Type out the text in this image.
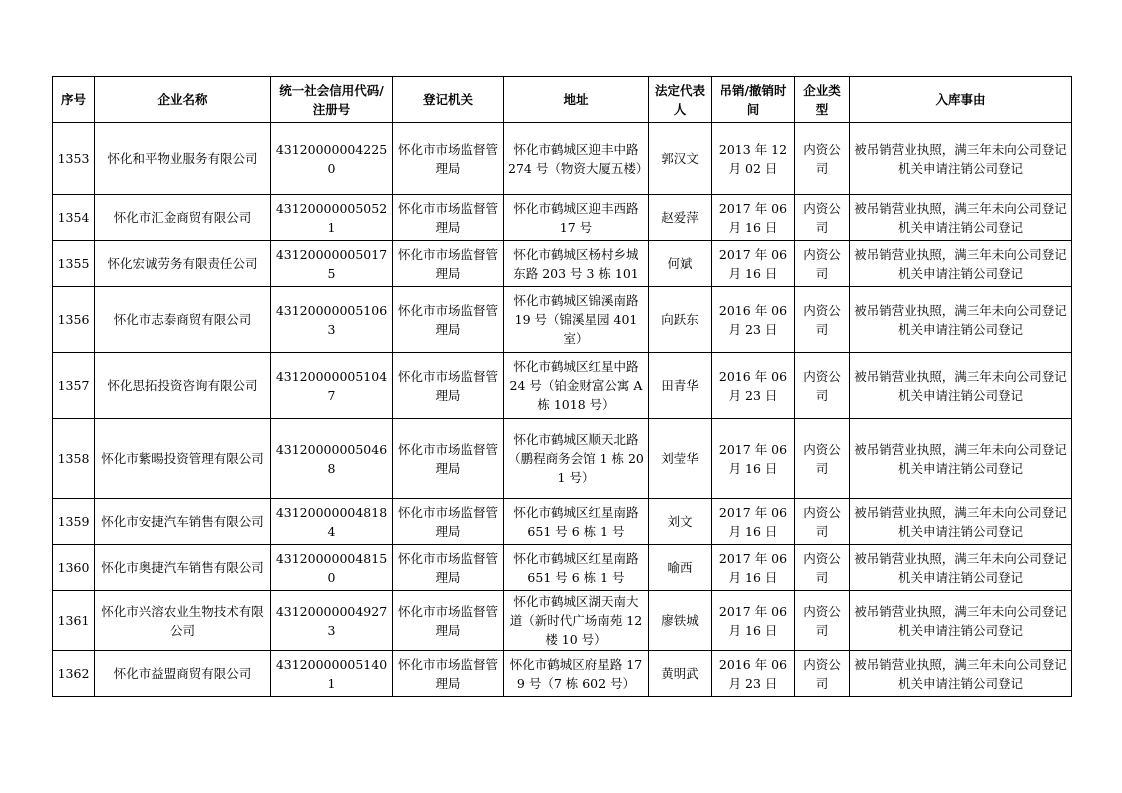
序号	企业名称	统一社会信用代码/注册号	登记机关	地址	法定代表人	吊销/撤销时间	企业类型	入库事由
1353	怀化和平物业服务有限公司	431200000042250	怀化市市场监督管理局	怀化市鹤城区迎丰中路 274 号（物资大厦五楼）	郭汉文	2013 年 12 月 02 日	内资公司	被吊销营业执照，满三年未向公司登记机关申请注销公司登记
1354	怀化市汇金商贸有限公司	431200000050521	怀化市市场监督管理局	怀化市鹤城区迎丰西路 17 号	赵爱萍	2017 年 06 月 16 日	内资公司	被吊销营业执照，满三年未向公司登记机关申请注销公司登记
1355	怀化宏诚劳务有限责任公司	431200000050175	怀化市市场监督管理局	怀化市鹤城区杨村乡城东路 203 号 3 栋 101	何斌	2017 年 06 月 16 日	内资公司	被吊销营业执照，满三年未向公司登记机关申请注销公司登记
1356	怀化市志泰商贸有限公司	431200000051063	怀化市市场监督管理局	怀化市鹤城区锦溪南路 19 号（锦溪星园 401 室）	向跃东	2016 年 06 月 23 日	内资公司	被吊销营业执照，满三年未向公司登记机关申请注销公司登记
1357	怀化思拓投资咨询有限公司	431200000051047	怀化市市场监督管理局	怀化市鹤城区红星中路 24 号（铂金财富公寓 A 栋 1018 号）	田青华	2016 年 06 月 23 日	内资公司	被吊销营业执照，满三年未向公司登记机关申请注销公司登记
1358	怀化市紫暘投资管理有限公司	431200000050468	怀化市市场监督管理局	怀化市鹤城区顺天北路（鹏程商务会馆 1 栋 201 号）	刘莹华	2017 年 06 月 16 日	内资公司	被吊销营业执照，满三年未向公司登记机关申请注销公司登记
1359	怀化市安捷汽车销售有限公司	431200000048184	怀化市市场监督管理局	怀化市鹤城区红星南路 651 号 6 栋 1 号	刘文	2017 年 06 月 16 日	内资公司	被吊销营业执照，满三年未向公司登记机关申请注销公司登记
1360	怀化市奥捷汽车销售有限公司	431200000048150	怀化市市场监督管理局	怀化市鹤城区红星南路 651 号 6 栋 1 号	喻西	2017 年 06 月 16 日	内资公司	被吊销营业执照，满三年未向公司登记机关申请注销公司登记
1361	怀化市兴溶农业生物技术有限公司	431200000049273	怀化市市场监督管理局	怀化市鹤城区湖天南大道（新时代广场南苑 12 楼 10 号）	廖铁城	2017 年 06 月 16 日	内资公司	被吊销营业执照，满三年未向公司登记机关申请注销公司登记
1362	怀化市益盟商贸有限公司	431200000051401	怀化市市场监督管理局	怀化市鹤城区府星路 179 号（7 栋 602 号）	黄明武	2016 年 06 月 23 日	内资公司	被吊销营业执照，满三年未向公司登记机关申请注销公司登记
